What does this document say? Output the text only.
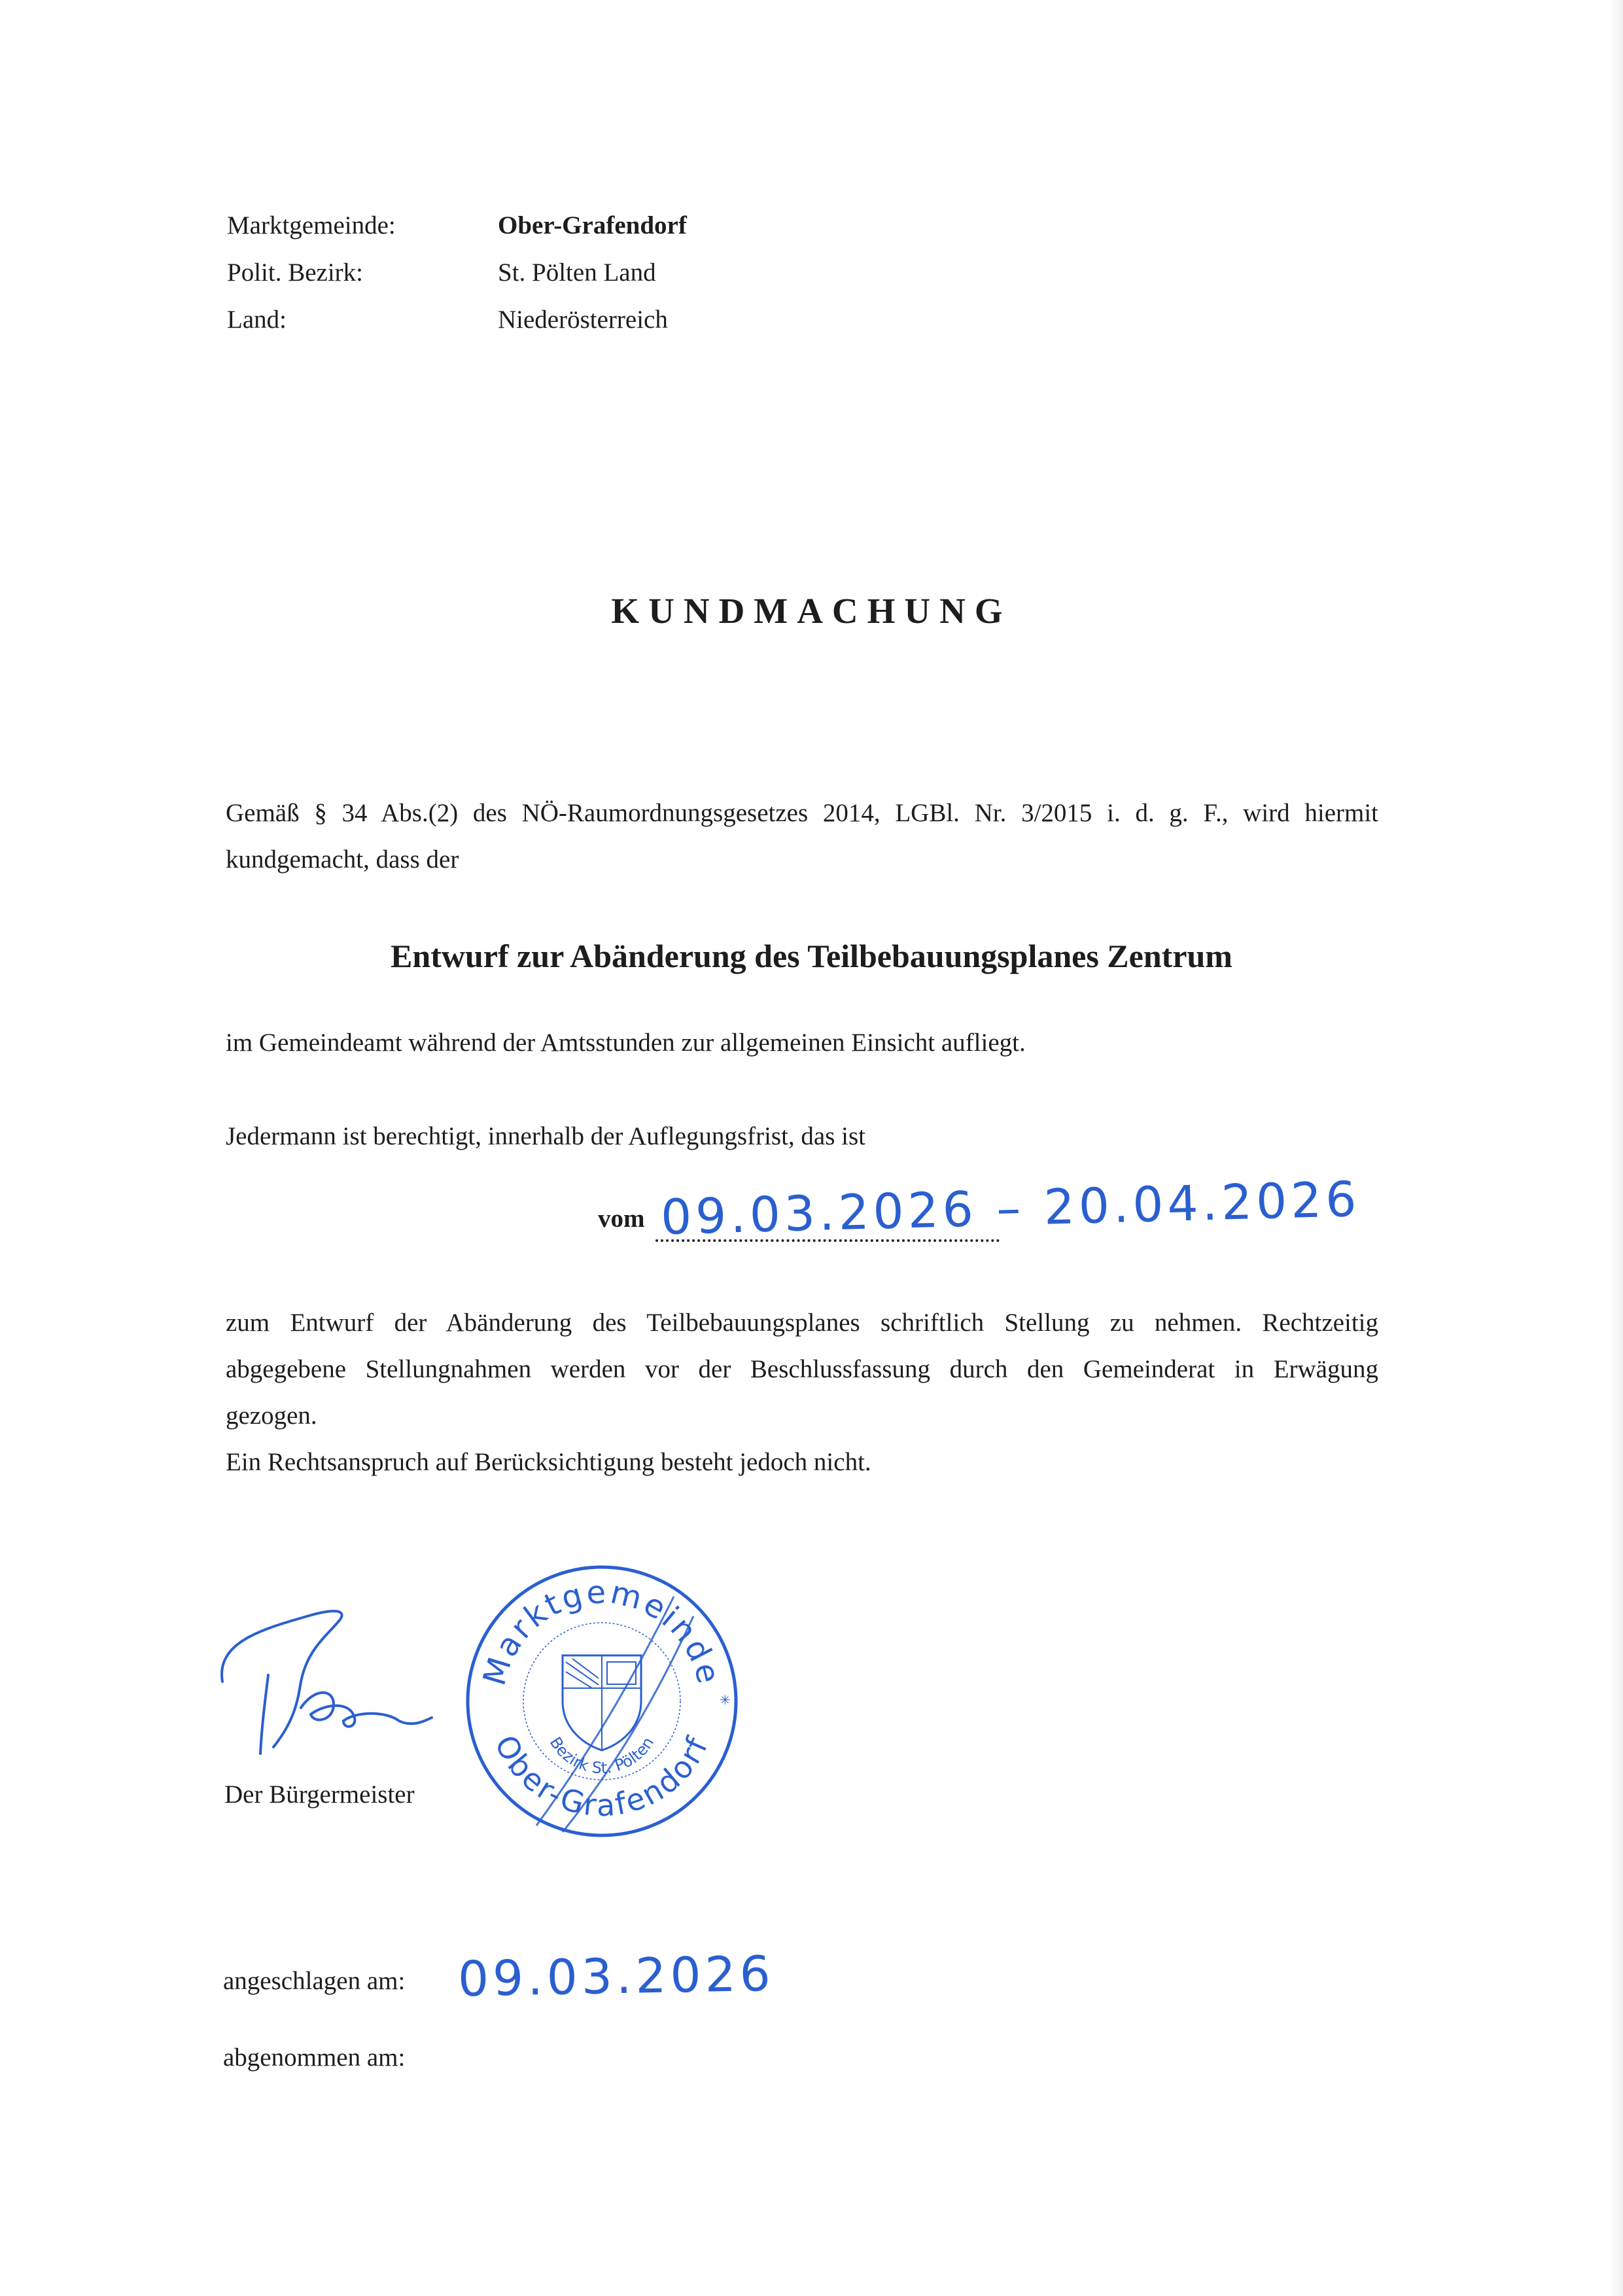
Marktgemeinde:	Ober-Grafendorf
Polit. Bezirk:	St. Pölten Land
Land:	Niederösterreich
KUNDMACHUNG
Gemäß § 34 Abs.(2) des NÖ-Raumordnungsgesetzes 2014, LGBl. Nr. 3/2015 i. d. g. F., wird hiermit
kundgemacht, dass der
Entwurf zur Abänderung des Teilbebauungsplanes Zentrum
im Gemeindeamt während der Amtsstunden zur allgemeinen Einsicht aufliegt.
Jedermann ist berechtigt, innerhalb der Auflegungsfrist, das ist
vom 09.03.2026 – 20.04.2026
zum Entwurf der Abänderung des Teilbebauungsplanes schriftlich Stellung zu nehmen. Rechtzeitig
abgegebene Stellungnahmen werden vor der Beschlussfassung durch den Gemeinderat in Erwägung
gezogen.
Ein Rechtsanspruch auf Berücksichtigung besteht jedoch nicht.
Der Bürgermeister
Marktgemeinde
Ober-Grafendorf
Bezirk St. Pölten
✳
angeschlagen am: 09.03.2026
abgenommen am:
